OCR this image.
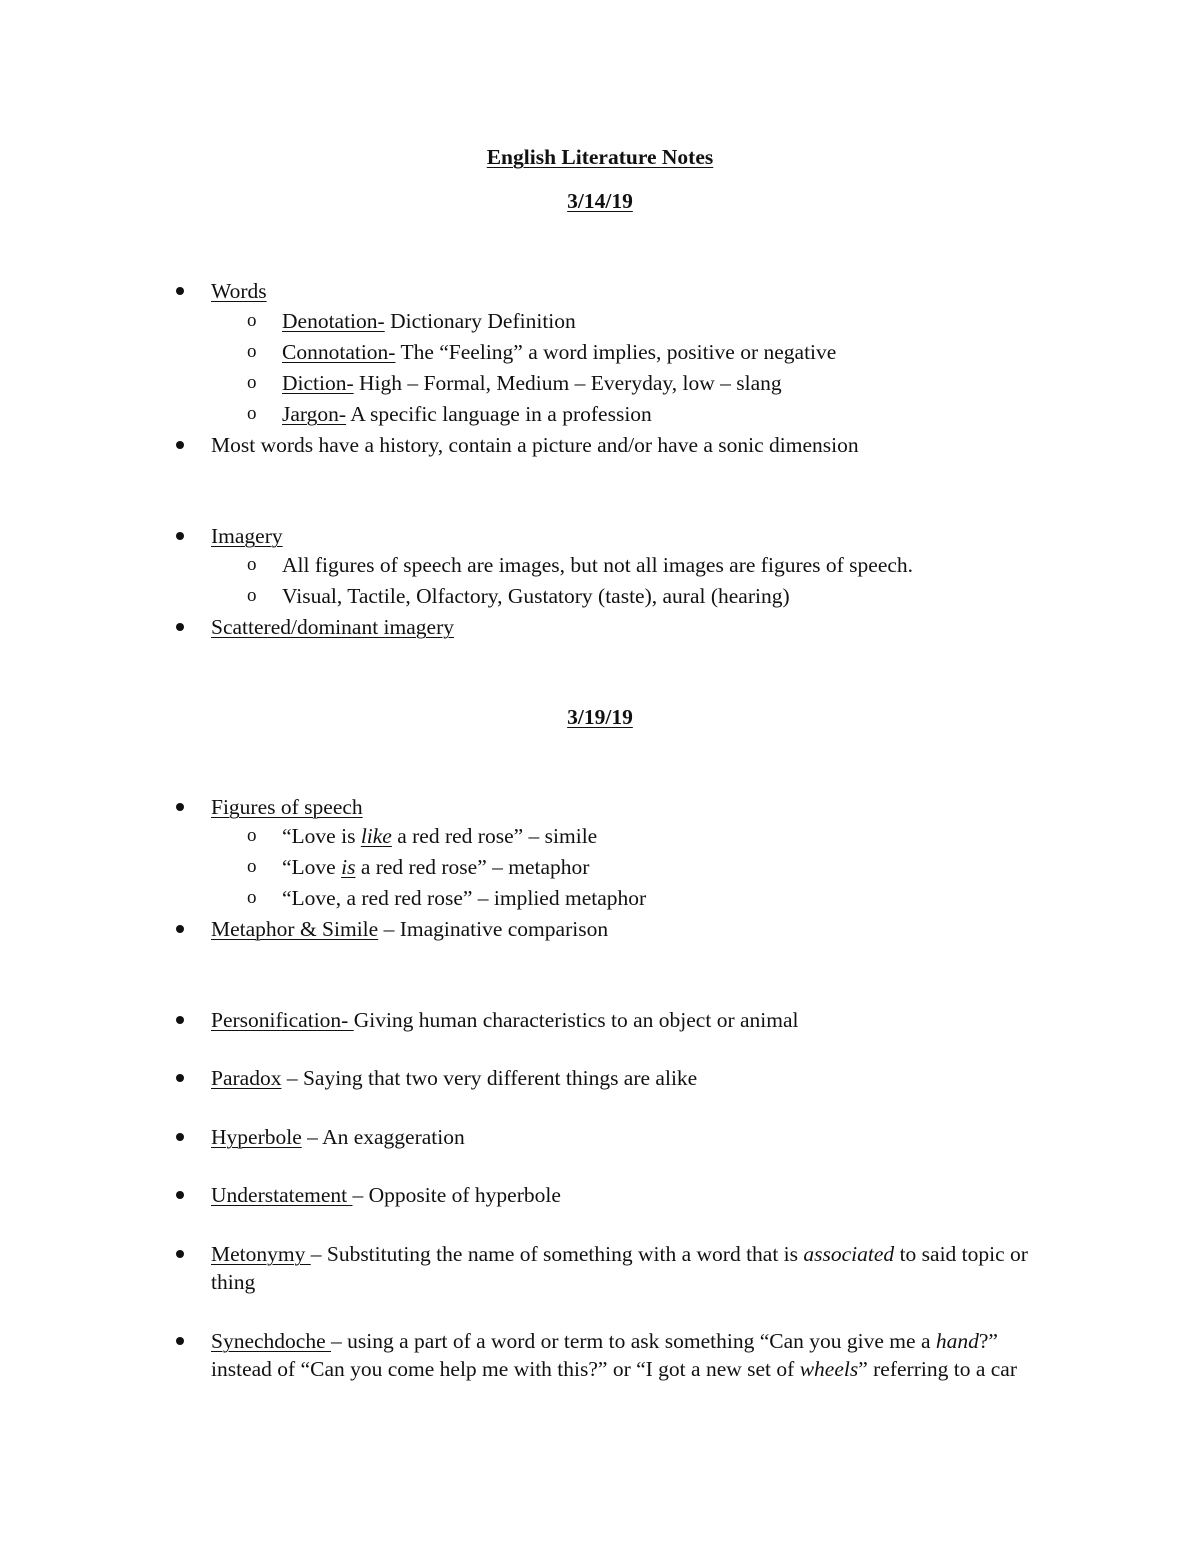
English Literature Notes
3/14/19
Words
o Denotation- Dictionary Definition
o Connotation- The “Feeling” a word implies, positive or negative
o Diction- High – Formal, Medium – Everyday, low – slang
o Jargon- A specific language in a profession
Most words have a history, contain a picture and/or have a sonic dimension
Imagery
o All figures of speech are images, but not all images are figures of speech.
o Visual, Tactile, Olfactory, Gustatory (taste), aural (hearing)
Scattered/dominant imagery
3/19/19
Figures of speech
o “Love is like a red red rose” – simile
o “Love is a red red rose” – metaphor
o “Love, a red red rose” – implied metaphor
Metaphor & Simile – Imaginative comparison
Personification- Giving human characteristics to an object or animal
Paradox – Saying that two very different things are alike
Hyperbole – An exaggeration
Understatement – Opposite of hyperbole
Metonymy – Substituting the name of something with a word that is associated to said topic or thing
Synechdoche – using a part of a word or term to ask something “Can you give me a hand?” instead of “Can you come help me with this?” or “I got a new set of wheels” referring to a car
